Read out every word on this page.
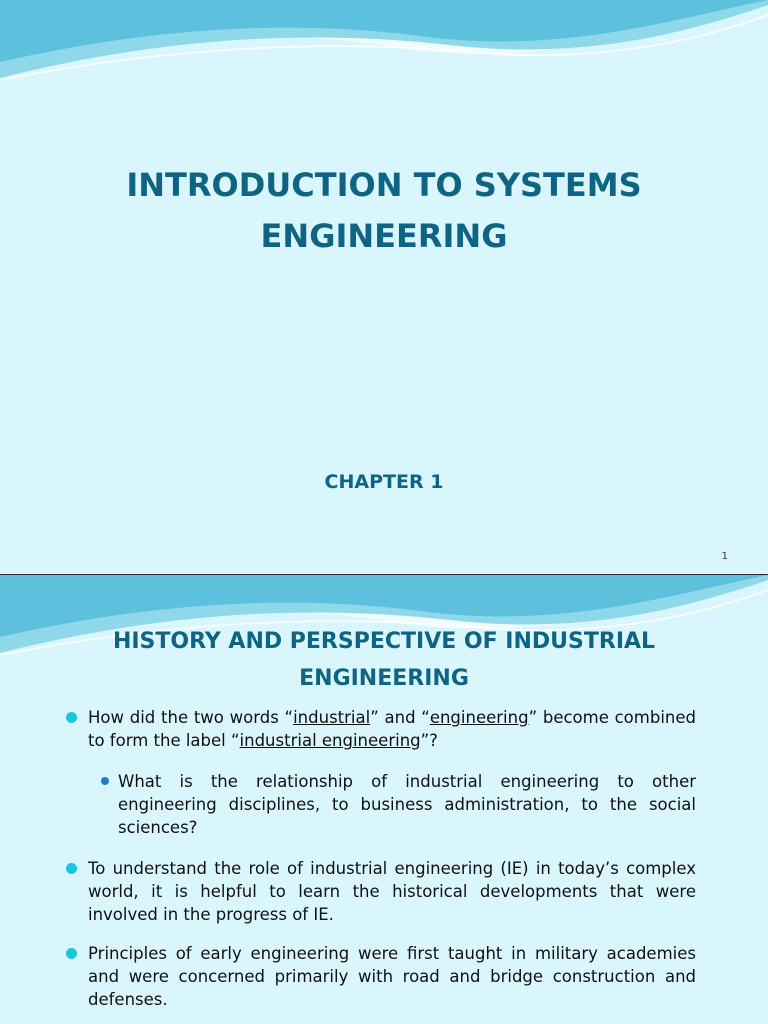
INTRODUCTION TO SYSTEMS
ENGINEERING
CHAPTER 1
1
HISTORY AND PERSPECTIVE OF INDUSTRIAL
ENGINEERING
How did the two words “industrial” and “engineering” become combined to form the label “industrial engineering”?
What is the relationship of industrial engineering to other engineering disciplines, to business administration, to the social sciences?
To understand the role of industrial engineering (IE) in today’s complex world, it is helpful to learn the historical developments that were involved in the progress of IE.
Principles of early engineering were first taught in military academies and were concerned primarily with road and bridge construction and defenses.
